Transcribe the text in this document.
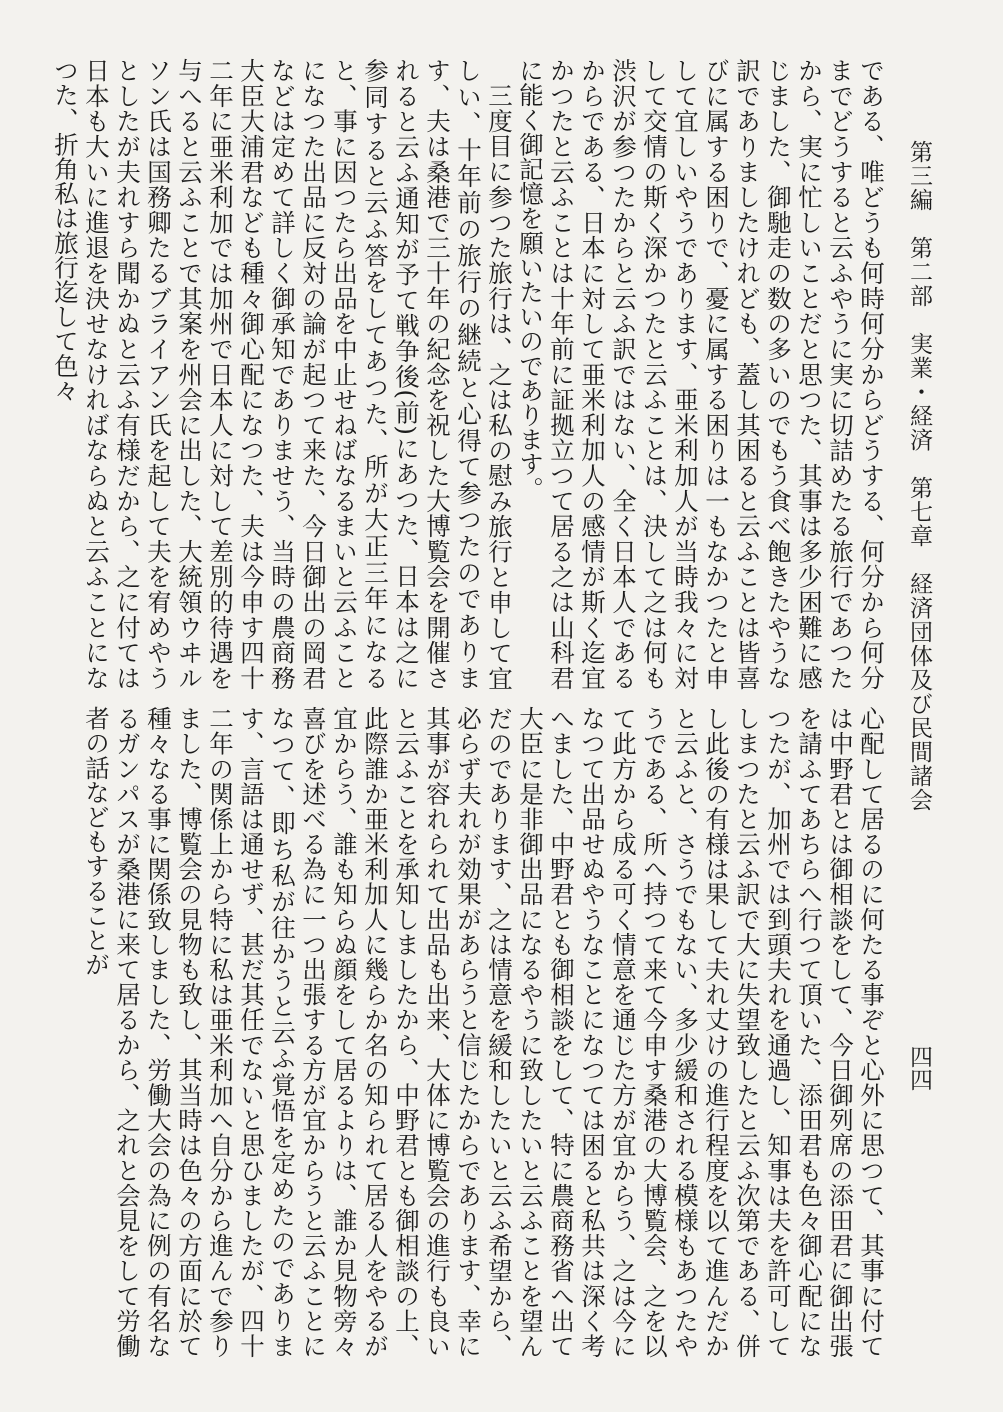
第三編　第二部　実業・経済　第七章　経済団体及び民間諸会
四四

である、唯どうも何時何分からどうする、何分から何分までどうすると云ふやうに実に切詰めたる旅行であつたから、実に忙しいことだと思つた、其事は多少困難に感じました、御馳走の数の多いのでもう食べ飽きたやうな訳でありましたけれども、蓋し其困ると云ふことは皆喜びに属する困りで、憂に属する困りは一もなかつたと申して宜しいやうであります、亜米利加人が当時我々に対して交情の斯く深かつたと云ふことは、決して之は何も渋沢が参つたからと云ふ訳ではない、全く日本人であるからである、日本に対して亜米利加人の感情が斯く迄宜かつたと云ふことは十年前に証拠立つて居る之は山科君に能く御記憶を願いたいのであります。

三度目に参つた旅行は、之は私の慰み旅行と申して宜しい、十年前の旅行の継続と心得て参つたのであります、夫は桑港で三十年の紀念を祝した大博覧会を開催されると云ふ通知が予て戦争後(前)にあつた、日本は之に参同すると云ふ答をしてあつた、所が大正三年になると、事に因つたら出品を中止せねばなるまいと云ふことになつた出品に反対の論が起つて来た、今日御出の岡君などは定めて詳しく御承知でありませう、当時の農商務大臣大浦君なども種々御心配になつた、夫は今申す四十二年に亜米利加では加州で日本人に対して差別的待遇を与へると云ふことで其案を州会に出した、大統領ウヰルソン氏は国務卿たるブライアン氏を起して夫を宥めやうとしたが夫れすら聞かぬと云ふ有様だから、之に付ては日本も大いに進退を決せなければならぬと云ふことになつた、折角私は旅行迄して色々

心配して居るのに何たる事ぞと心外に思つて、其事に付ては中野君とは御相談をして、今日御列席の添田君に御出張を請ふてあちらへ行つて頂いた、添田君も色々御心配になつたが、加州では到頭夫れを通過し、知事は夫を許可してしまつたと云ふ訳で大に失望致したと云ふ次第である、併し此後の有様は果して夫れ丈けの進行程度を以て進んだかと云ふと、さうでもない、多少緩和される模様もあつたやうである、所へ持つて来て今申す桑港の大博覧会、之を以て此方から成る可く情意を通じた方が宜からう、之は今になつて出品せぬやうなことになつては困ると私共は深く考へました、中野君とも御相談をして、特に農商務省へ出て大臣に是非御出品になるやうに致したいと云ふことを望んだのであります、之は情意を緩和したいと云ふ希望から、必らず夫れが効果があらうと信じたからであります、幸に其事が容れられて出品も出来、大体に博覧会の進行も良いと云ふことを承知しましたから、中野君とも御相談の上、此際誰か亜米利加人に幾らか名の知られて居る人をやるが宜からう、誰も知らぬ顔をして居るよりは、誰か見物旁々喜びを述べる為に一つ出張する方が宜からうと云ふことになつて、即ち私が往かうと云ふ覚悟を定めたのであります、言語は通せず、甚だ其任でないと思ひましたが、四十二年の関係上から特に私は亜米利加へ自分から進んで参りました、博覧会の見物も致し、其当時は色々の方面に於て種々なる事に関係致しました、労働大会の為に例の有名なるガンパスが桑港に来て居るから、之れと会見をして労働者の話などもすることが
